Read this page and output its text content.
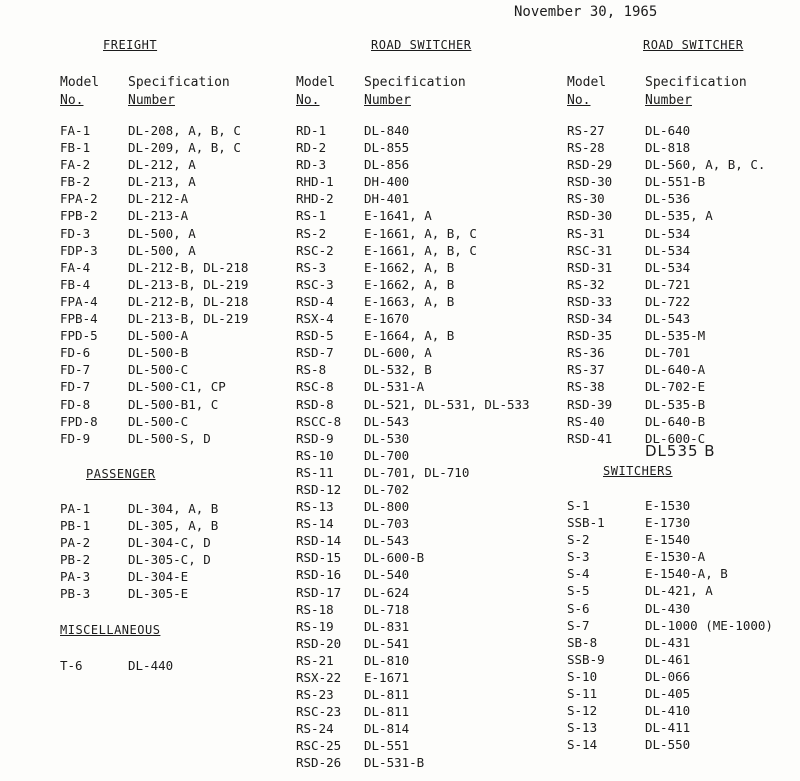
November 30, 1965
FREIGHT
Model
No.
Specification
Number
FA-1	DL-208, A, B, C
FB-1	DL-209, A, B, C
FA-2	DL-212, A
FB-2	DL-213, A
FPA-2 DL-212-A
FPB-2 DL-213-A
FD-3	DL-500, A
FDP-3 DL-500, A
FA-4	DL-212-B, DL-218
FB-4	DL-213-B, DL-219
FPA-4 DL-212-B, DL-218
FPB-4 DL-213-B, DL-219
FPD-5 DL-500-A
FD-6	DL-500-B
FD-7	DL-500-C
FD-7	DL-500-C1, CP
FD-8	DL-500-B1, C
FPD-8 DL-500-C
FD-9	DL-500-S, D
PASSENGER
PA-1	DL-304, A, B
PB-1	DL-305, A, B
PA-2	DL-304-C, D
PB-2	DL-305-C, D
PA-3	DL-304-E
PB-3	DL-305-E
MISCELLANEOUS
T-6	DL-440
ROAD SWITCHER
Model
No.
Specification
Number
RD-1	DL-840
RD-2	DL-855
RD-3	DL-856
RHD-1 DH-400
RHD-2 DH-401
RS-1	E-1641, A
RS-2	E-1661, A, B, C
RSC-2 E-1661, A, B, C
RS-3	E-1662, A, B
RSC-3 E-1662, A, B
RSD-4 E-1663, A, B
RSX-4 E-1670
RSD-5 E-1664, A, B
RSD-7 DL-600, A
RS-8	DL-532, B
RSC-8 DL-531-A
RSD-8 DL-521, DL-531, DL-533
RSCC-8 DL-543
RSD-9 DL-530
RS-10 DL-700
RS-11 DL-701, DL-710
RSD-12 DL-702
RS-13 DL-800
RS-14 DL-703
RSD-14 DL-543
RSD-15 DL-600-B
RSD-16 DL-540
RSD-17 DL-624
RS-18 DL-718
RS-19 DL-831
RSD-20 DL-541
RS-21 DL-810
RSX-22 E-1671
RS-23 DL-811
RSC-23 DL-811
RS-24 DL-814
RSC-25 DL-551
RSD-26 DL-531-B
ROAD SWITCHER
Model
No.
Specification
Number
RS-27	DL-640
RS-28	DL-818
RSD-29	DL-560, A, B, C.
RSD-30	DL-551-B
RS-30	DL-536
RSD-30	DL-535, A
RS-31	DL-534
RSC-31	DL-534
RSD-31	DL-534
RS-32	DL-721
RSD-33	DL-722
RSD-34	DL-543
RSD-35	DL-535-M
RS-36	DL-701
RS-37	DL-640-A
RS-38	DL-702-E
RSD-39	DL-535-B
RS-40	DL-640-B
RSD-41	DL-600-C
DL535 B
SWITCHERS
S-1	E-1530
SSB-1	E-1730
S-2	E-1540
S-3	E-1530-A
S-4	E-1540-A, B
S-5	DL-421, A
S-6	DL-430
S-7	DL-1000 (ME-1000)
SB-8	DL-431
SSB-9	DL-461
S-10	DL-066
S-11	DL-405
S-12	DL-410
S-13	DL-411
S-14	DL-550
